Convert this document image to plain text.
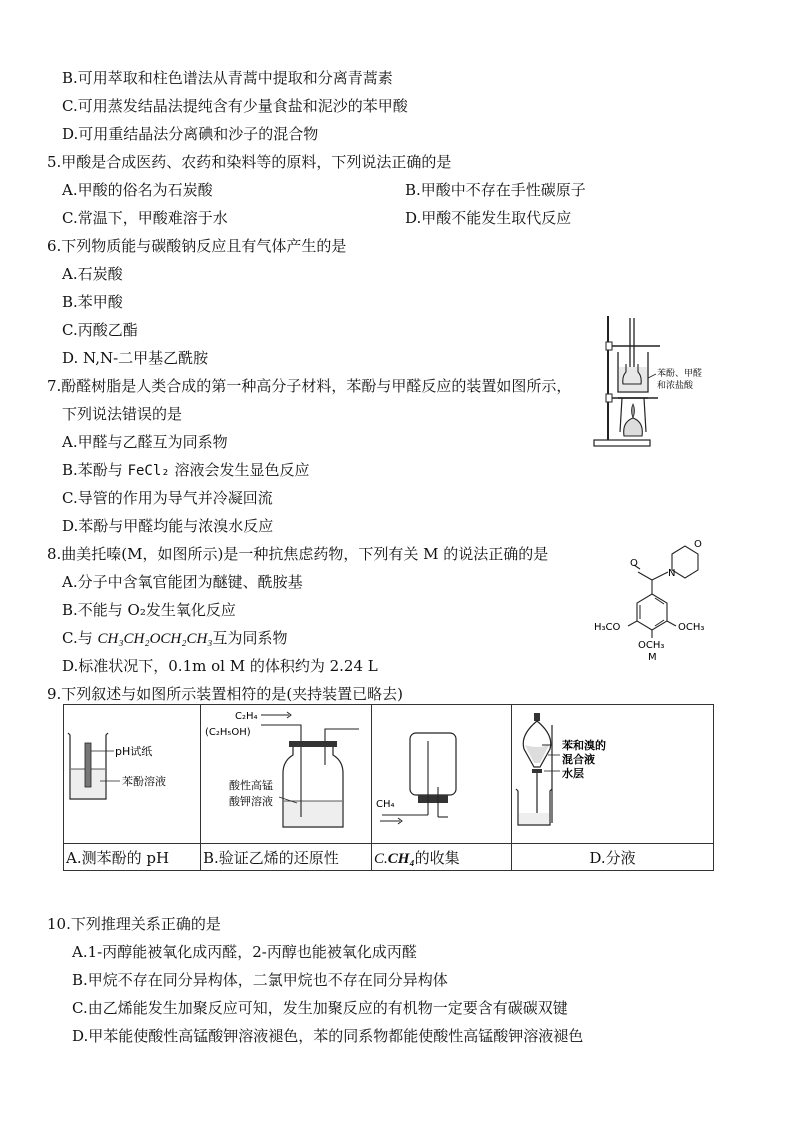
B.可用萃取和柱色谱法从青蒿中提取和分离青蒿素
C.可用蒸发结晶法提纯含有少量食盐和泥沙的苯甲酸
D.可用重结晶法分离碘和沙子的混合物
5.甲酸是合成医药、农药和染料等的原料，下列说法正确的是
A.甲酸的俗名为石炭酸	B.甲酸中不存在手性碳原子
C.常温下，甲酸难溶于水	D.甲酸不能发生取代反应
6.下列物质能与碳酸钠反应且有气体产生的是
A.石炭酸
B.苯甲酸
C.丙酸乙酯
D. N,N-二甲基乙酰胺
7.酚醛树脂是人类合成的第一种高分子材料，苯酚与甲醛反应的装置如图所示，
下列说法错误的是
A.甲醛与乙醛互为同系物
B.苯酚与 FeCl₂ 溶液会发生显色反应
C.导管的作用为导气并冷凝回流
D.苯酚与甲醛均能与浓溴水反应
苯酚、甲醛
和浓盐酸
8.曲美托嗪(M，如图所示)是一种抗焦虑药物，下列有关 M 的说法正确的是
A.分子中含氧官能团为醚键、酰胺基
B.不能与 O₂发生氧化反应
C.与 CH₃CH₂OCH₂CH₃互为同系物
D.标准状况下，0.1m ol M 的体积约为 2.24 L
O
N
O
H₃CO	OCH₃
OCH₃
M
9.下列叙述与如图所示装置相符的是(夹持装置已略去)
pH试纸
苯酚溶液	C₂H₄
(C₂H₅OH)
酸性高锰
酸钾溶液	CH₄	苯和溴的
混合液
水层

A.测苯酚的 pH	B.验证乙烯的还原性	C.CH₄的收集	D.分液
10.下列推理关系正确的是
A.1-丙醇能被氧化成丙醛，2-丙醇也能被氧化成丙醛
B.甲烷不存在同分异构体，二氯甲烷也不存在同分异构体
C.由乙烯能发生加聚反应可知，发生加聚反应的有机物一定要含有碳碳双键
D.甲苯能使酸性高锰酸钾溶液褪色，苯的同系物都能使酸性高锰酸钾溶液褪色
